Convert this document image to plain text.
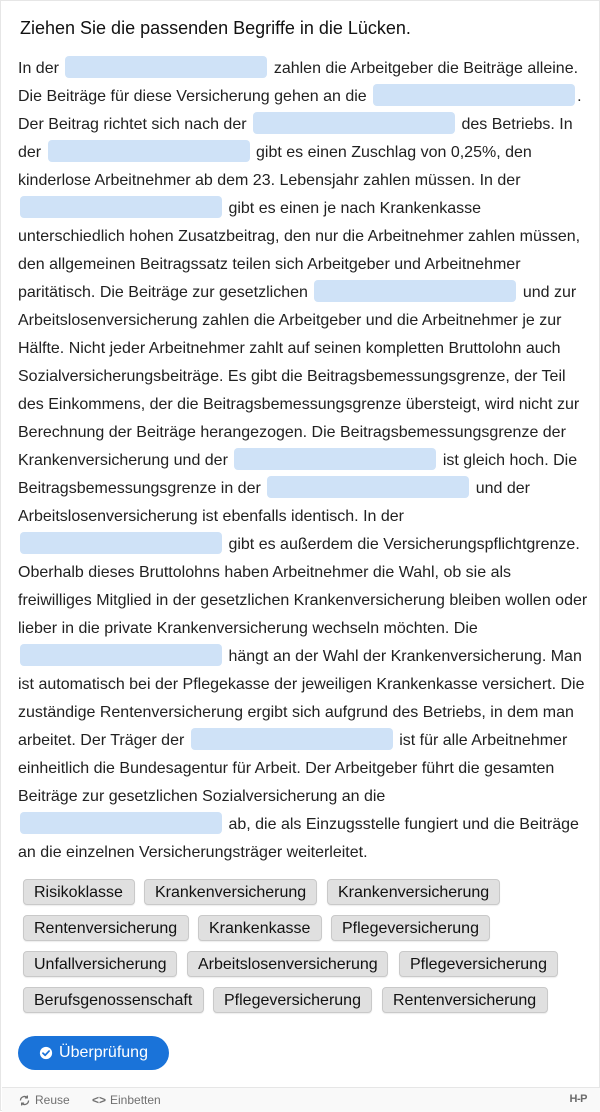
Ziehen Sie die passenden Begriffe in die Lücken.
In der	zahlen die Arbeitgeber die Beiträge alleine. Die Beiträge für diese Versicherung gehen an die	. Der Beitrag richtet sich nach der	des Betriebs. In der	gibt es einen Zuschlag von 0,25%, den kinderlose Arbeitnehmer ab dem 23. Lebensjahr zahlen müssen. In der  gibt es einen je nach Krankenkasse unterschiedlich hohen Zusatzbeitrag, den nur die Arbeitnehmer zahlen müssen, den allgemeinen Beitragssatz teilen sich Arbeitgeber und Arbeitnehmer paritätisch. Die Beiträge zur gesetzlichen	und zur Arbeitslosenversicherung zahlen die Arbeitgeber und die Arbeitnehmer je zur Hälfte. Nicht jeder Arbeitnehmer zahlt auf seinen kompletten Bruttolohn auch Sozialversicherungsbeiträge. Es gibt die Beitragsbemessungsgrenze, der Teil des Einkommens, der die Beitragsbemessungsgrenze übersteigt, wird nicht zur Berechnung der Beiträge herangezogen. Die Beitragsbemessungsgrenze der Krankenversicherung und der	ist gleich hoch. Die Beitragsbemessungsgrenze in der	und der Arbeitslosenversicherung ist ebenfalls identisch. In der  gibt es außerdem die Versicherungspflichtgrenze. Oberhalb dieses Bruttolohns haben Arbeitnehmer die Wahl, ob sie als freiwilliges Mitglied in der gesetzlichen Krankenversicherung bleiben wollen oder lieber in die private Krankenversicherung wechseln möchten. Die  hängt an der Wahl der Krankenversicherung. Man ist automatisch bei der Pflegekasse der jeweiligen Krankenkasse versichert. Die zuständige Rentenversicherung ergibt sich aufgrund des Betriebs, in dem man arbeitet. Der Träger der	ist für alle Arbeitnehmer einheitlich die Bundesagentur für Arbeit. Der Arbeitgeber führt die gesamten Beiträge zur gesetzlichen Sozialversicherung an die  ab, die als Einzugsstelle fungiert und die Beiträge an die einzelnen Versicherungsträger weiterleitet.
Risikoklasse	Krankenversicherung	Krankenversicherung
Rentenversicherung	Krankenkasse	Pflegeversicherung
Unfallversicherung	Arbeitslosenversicherung	Pflegeversicherung
Berufsgenossenschaft	Pflegeversicherung	Rentenversicherung
Überprüfung
Reuse <> Einbetten	H-P
